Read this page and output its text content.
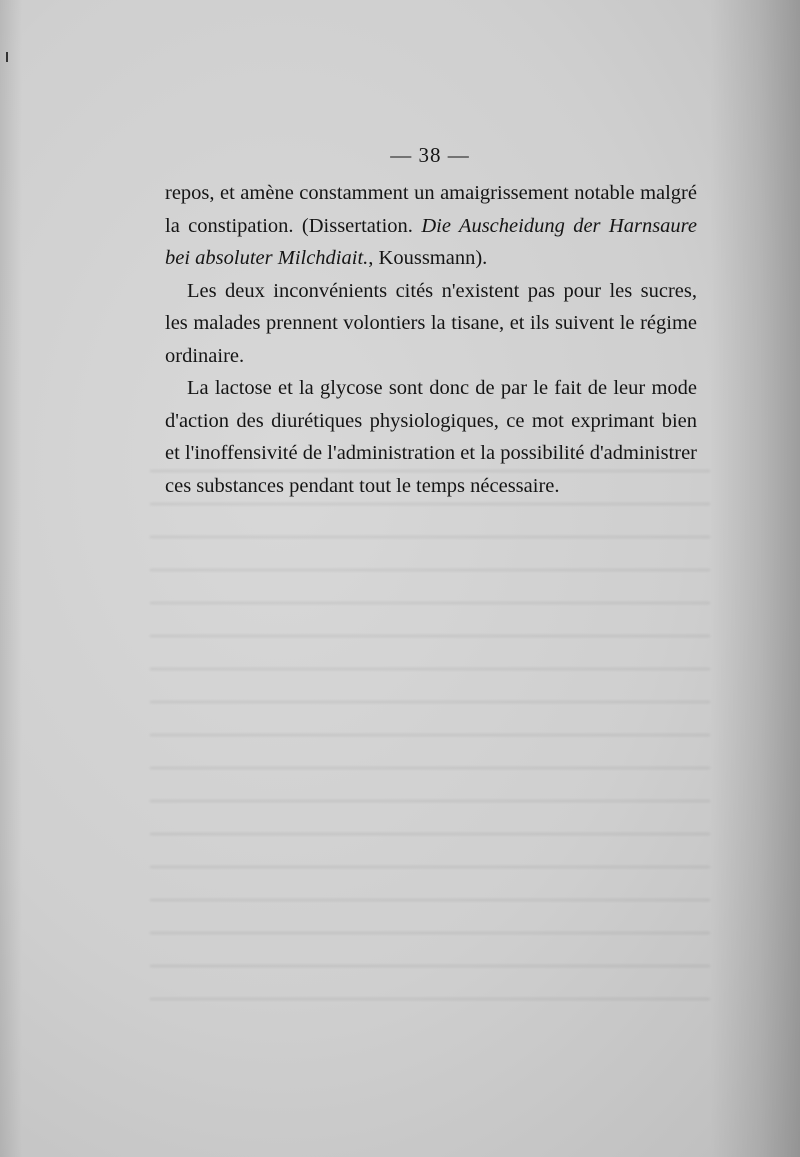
— 38 —

repos, et amène constamment un amaigrissement notable malgré la constipation. (Dissertation. Die Auscheidung der Harnsaure bei absoluter Milchdiait., Koussmann).

Les deux inconvénients cités n'existent pas pour les sucres, les malades prennent volontiers la tisane, et ils suivent le régime ordinaire.

La lactose et la glycose sont donc de par le fait de leur mode d'action des diurétiques physiologiques, ce mot exprimant bien et l'inoffensivité de l'administration et la possibilité d'administrer ces substances pendant tout le temps nécessaire.
